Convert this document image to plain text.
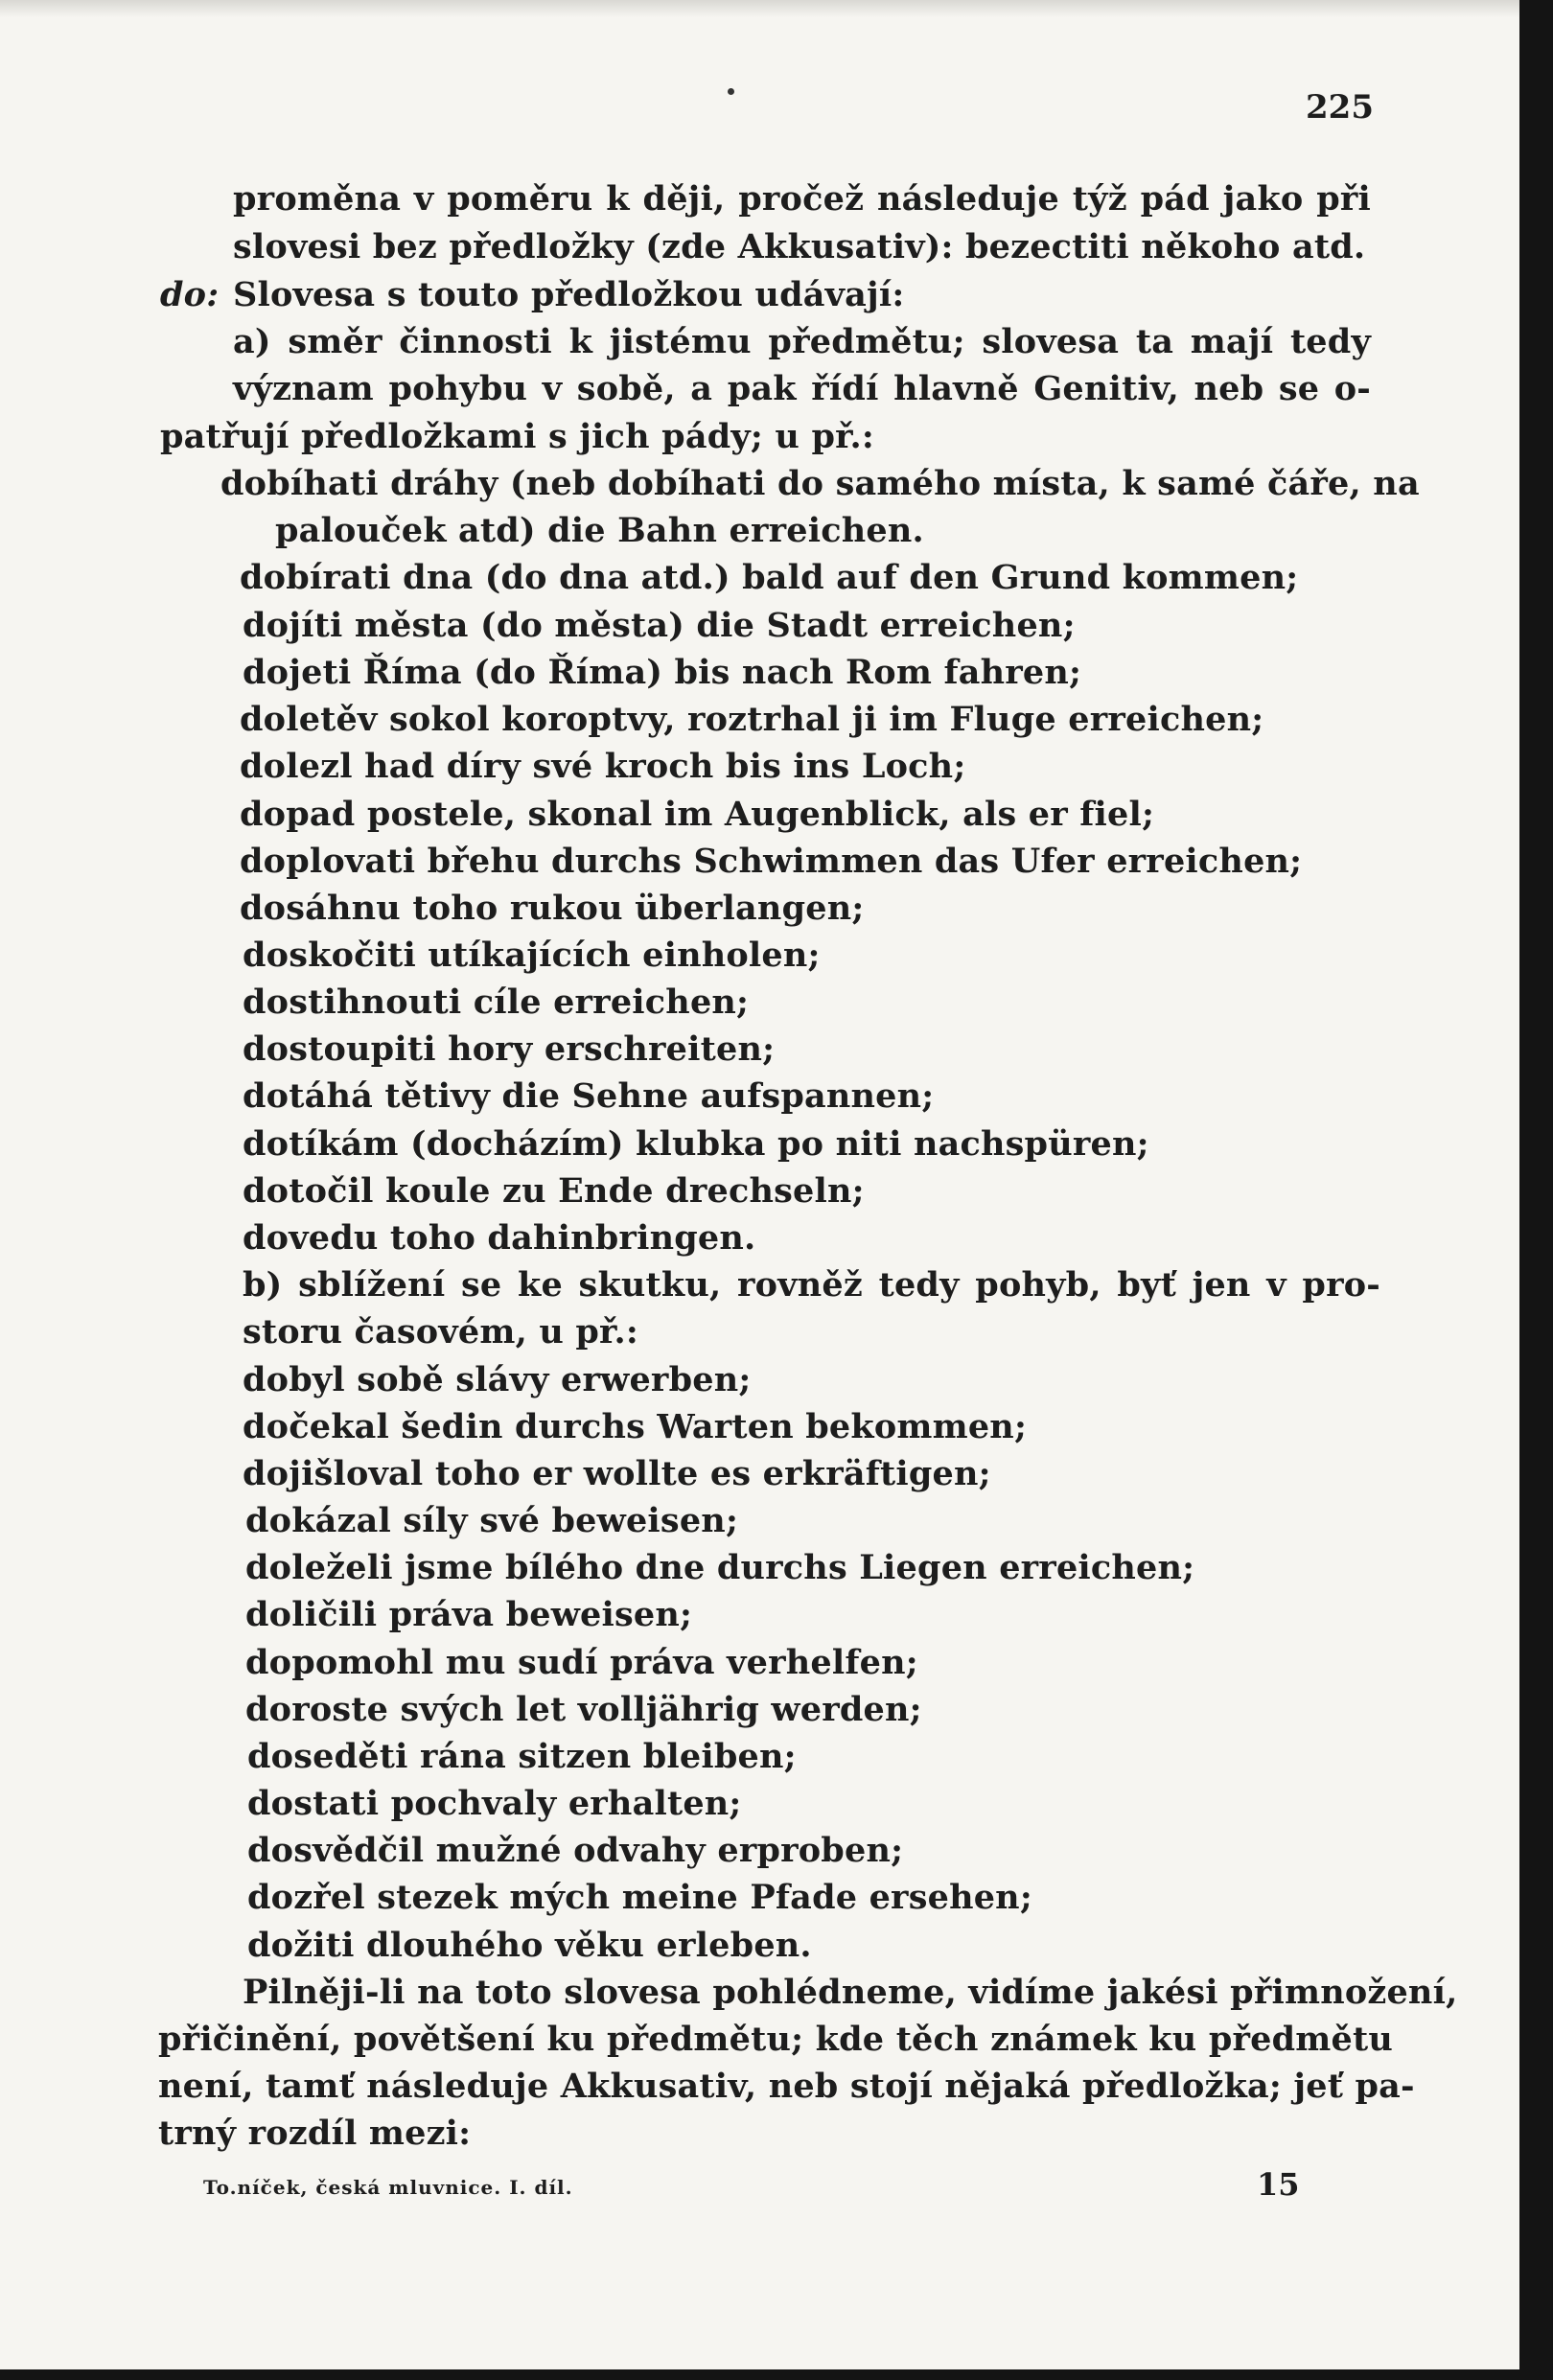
225
proměna v poměru k ději, pročež následuje týž pád jako při
slovesi bez předložky (zde Akkusativ): bezectiti někoho atd.
do: Slovesa s touto předložkou udávají:
a) směr činnosti k jistému předmětu; slovesa ta mají tedy
význam pohybu v sobě, a pak řídí hlavně Genitiv, neb se o-
patřují předložkami s jich pády; u př.:
dobíhati dráhy (neb dobíhati do samého místa, k samé čáře, na
palouček atd) die Bahn erreichen.
dobírati dna (do dna atd.) bald auf den Grund kommen;
dojíti města (do města) die Stadt erreichen;
dojeti Říma (do Říma) bis nach Rom fahren;
doletěv sokol koroptvy, roztrhal ji im Fluge erreichen;
dolezl had díry své kroch bis ins Loch;
dopad postele, skonal im Augenblick, als er fiel;
doplovati břehu durchs Schwimmen das Ufer erreichen;
dosáhnu toho rukou überlangen;
doskočiti utíkajících einholen;
dostihnouti cíle erreichen;
dostoupiti hory erschreiten;
dotáhá tětivy die Sehne aufspannen;
dotíkám (docházím) klubka po niti nachspüren;
dotočil koule zu Ende drechseln;
dovedu toho dahinbringen.
b) sblížení se ke skutku, rovněž tedy pohyb, byť jen v pro-
storu časovém, u př.:
dobyl sobě slávy erwerben;
dočekal šedin durchs Warten bekommen;
dojišloval toho er wollte es erkräftigen;
dokázal síly své beweisen;
doleželi jsme bílého dne durchs Liegen erreichen;
doličili práva beweisen;
dopomohl mu sudí práva verhelfen;
doroste svých let volljährig werden;
doseděti rána sitzen bleiben;
dostati pochvaly erhalten;
dosvědčil mužné odvahy erproben;
dozřel stezek mých meine Pfade ersehen;
dožiti dlouhého věku erleben.
Pilněji-li na toto slovesa pohlédneme, vidíme jakési přimnožení,
přičinění, povětšení ku předmětu; kde těch známek ku předmětu
není, tamť následuje Akkusativ, neb stojí nějaká předložka; jeť pa-
trný rozdíl mezi:
To.níček, česká mluvnice. I. díl.	15
